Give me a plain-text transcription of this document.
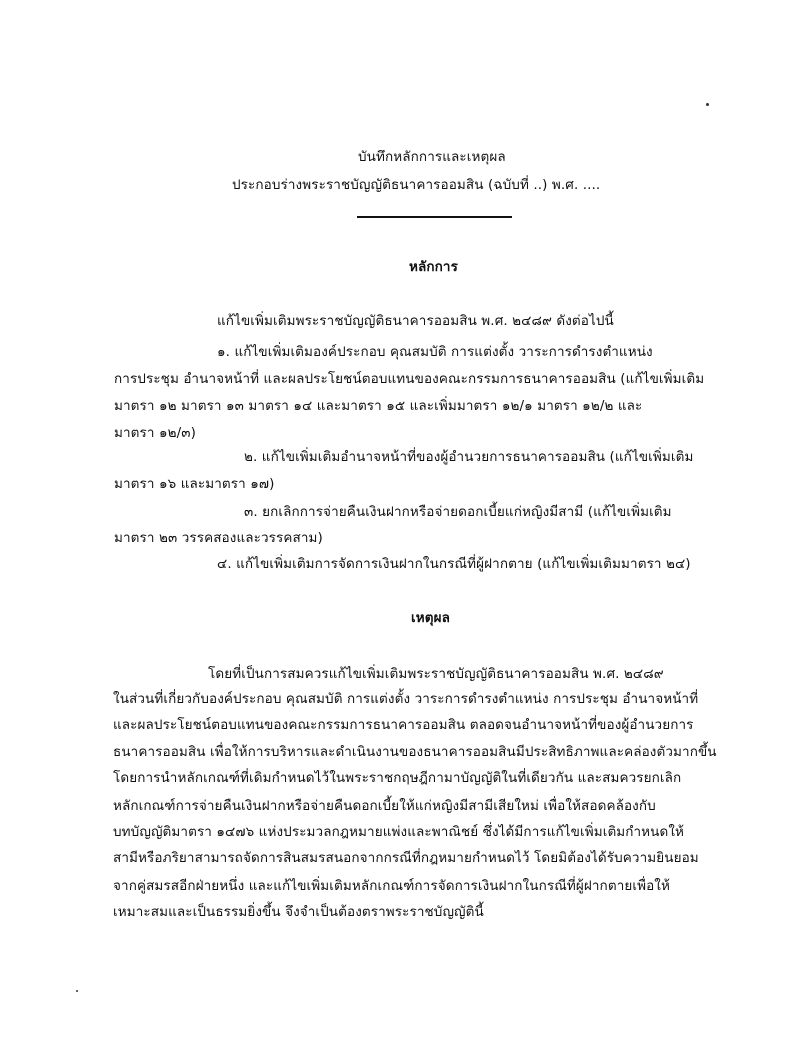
บันทึกหลักการและเหตุผล
ประกอบร่างพระราชบัญญัติธนาคารออมสิน (ฉบับที่ ..) พ.ศ. ....
หลักการ
แก้ไขเพิ่มเติมพระราชบัญญัติธนาคารออมสิน พ.ศ. ๒๔๘๙ ดังต่อไปนี้
๑. แก้ไขเพิ่มเติมองค์ประกอบ คุณสมบัติ การแต่งตั้ง วาระการดำรงตำแหน่ง
การประชุม อำนาจหน้าที่ และผลประโยชน์ตอบแทนของคณะกรรมการธนาคารออมสิน (แก้ไขเพิ่มเติม
มาตรา ๑๒ มาตรา ๑๓ มาตรา ๑๔ และมาตรา ๑๕ และเพิ่มมาตรา ๑๒/๑ มาตรา ๑๒/๒ และ
มาตรา ๑๒/๓)
๒. แก้ไขเพิ่มเติมอำนาจหน้าที่ของผู้อำนวยการธนาคารออมสิน (แก้ไขเพิ่มเติม
มาตรา ๑๖ และมาตรา ๑๗)
๓. ยกเลิกการจ่ายคืนเงินฝากหรือจ่ายดอกเบี้ยแก่หญิงมีสามี (แก้ไขเพิ่มเติม
มาตรา ๒๓ วรรคสองและวรรคสาม)
๔. แก้ไขเพิ่มเติมการจัดการเงินฝากในกรณีที่ผู้ฝากตาย (แก้ไขเพิ่มเติมมาตรา ๒๔)
เหตุผล
โดยที่เป็นการสมควรแก้ไขเพิ่มเติมพระราชบัญญัติธนาคารออมสิน พ.ศ. ๒๔๘๙
ในส่วนที่เกี่ยวกับองค์ประกอบ คุณสมบัติ การแต่งตั้ง วาระการดำรงตำแหน่ง การประชุม อำนาจหน้าที่
และผลประโยชน์ตอบแทนของคณะกรรมการธนาคารออมสิน ตลอดจนอำนาจหน้าที่ของผู้อำนวยการ
ธนาคารออมสิน เพื่อให้การบริหารและดำเนินงานของธนาคารออมสินมีประสิทธิภาพและคล่องตัวมากขึ้น
โดยการนำหลักเกณฑ์ที่เดิมกำหนดไว้ในพระราชกฤษฎีกามาบัญญัติในที่เดียวกัน และสมควรยกเลิก
หลักเกณฑ์การจ่ายคืนเงินฝากหรือจ่ายคืนดอกเบี้ยให้แก่หญิงมีสามีเสียใหม่ เพื่อให้สอดคล้องกับ
บทบัญญัติมาตรา ๑๔๗๖ แห่งประมวลกฎหมายแพ่งและพาณิชย์ ซึ่งได้มีการแก้ไขเพิ่มเติมกำหนดให้
สามีหรือภริยาสามารถจัดการสินสมรสนอกจากกรณีที่กฎหมายกำหนดไว้ โดยมิต้องได้รับความยินยอม
จากคู่สมรสอีกฝ่ายหนึ่ง และแก้ไขเพิ่มเติมหลักเกณฑ์การจัดการเงินฝากในกรณีที่ผู้ฝากตายเพื่อให้
เหมาะสมและเป็นธรรมยิ่งขึ้น จึงจำเป็นต้องตราพระราชบัญญัตินี้
